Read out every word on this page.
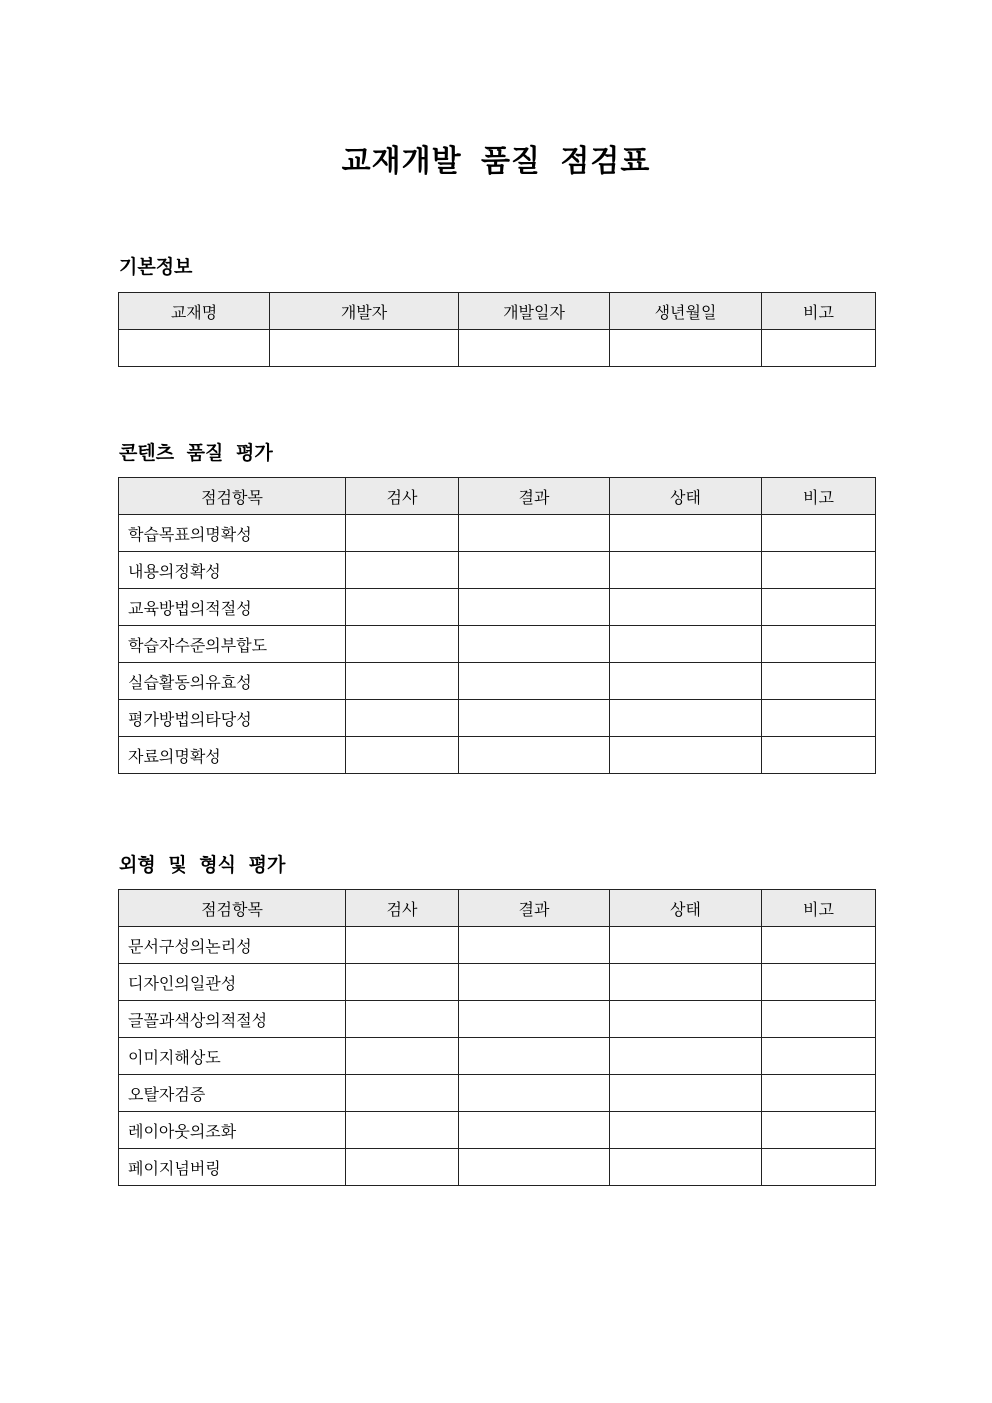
교재개발 품질 점검표
기본정보
교재명	개발자	개발일자	생년월일	비고

콘텐츠 품질 평가
점검항목	검사	결과	상태	비고
학습목표의명확성				
내용의정확성				
교육방법의적절성				
학습자수준의부합도				
실습활동의유효성				
평가방법의타당성				
자료의명확성				
외형 및 형식 평가
점검항목	검사	결과	상태	비고
문서구성의논리성				
디자인의일관성				
글꼴과색상의적절성				
이미지해상도				
오탈자검증				
레이아웃의조화				
페이지넘버링				
